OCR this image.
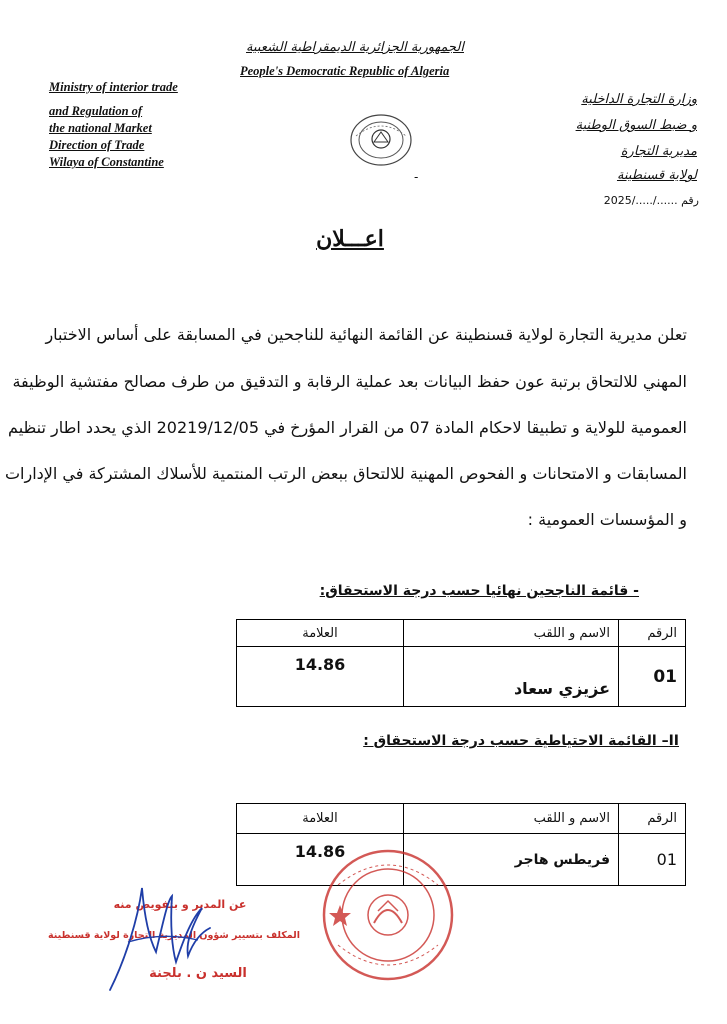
الجمهورية الجزائرية الديمقراطية الشعبية
People's Democratic Republic of Algeria
Ministry of interior trade
and Regulation of
the national Market
Direction of Trade
Wilaya of Constantine
وزارة التجارة الداخلية
و ضبط السوق الوطنية
مديرية التجارة
لولاية قسنطينة
رقم 2025/...../......
-
اعـــلان
تعلن مديرية التجارة لولاية قسنطينة عن القائمة النهائية للناجحين في المسابقة على أساس الاختبار
المهني للالتحاق برتبة عون حفظ البيانات بعد عملية الرقابة و التدقيق من طرف مصالح مفتشية الوظيفة
العمومية للولاية و تطبيقا لاحكام المادة 07 من القرار المؤرخ في 20219/12/05 الذي يحدد اطار تنظيم
المسابقات و الامتحانات و الفحوص المهنية للالتحاق ببعض الرتب المنتمية للأسلاك المشتركة في الإدارات
و المؤسسات العمومية :
- قائمة الناجحين نهائيا حسب درجة الاستحقاق:
الرقم	الاسم و اللقب	العلامة
01	عزيزي سعاد	14.86
II– القائمة الاحتياطية حسب درجة الاستحقاق :
الرقم	الاسم و اللقب	العلامة
01	فريطس هاجر	14.86
عن المدير و بتفويض منه
المكلف بتسيير شؤون المديرية التجارة لولاية قسنطينة
السيد ن . بلجنة
